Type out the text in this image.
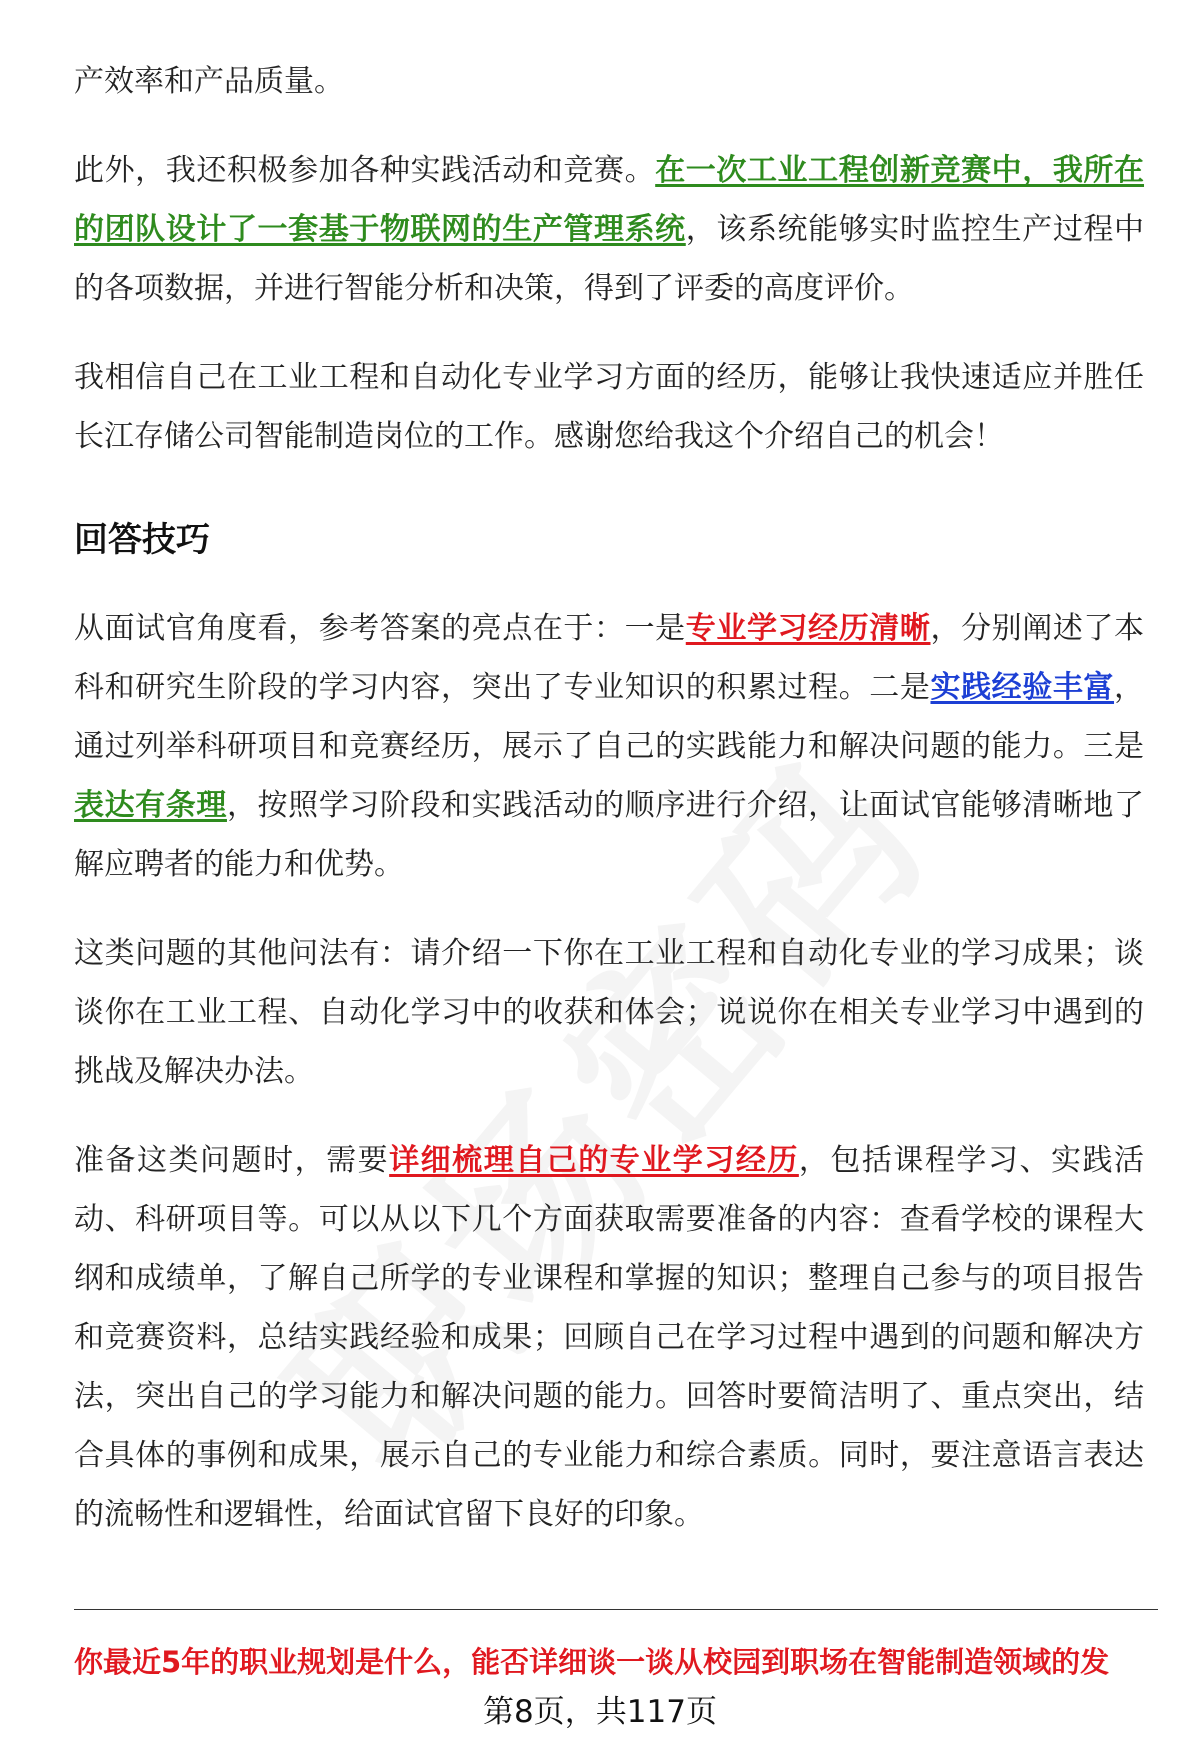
产效率和产品质量。

此外，我还积极参加各种实践活动和竞赛。在一次工业工程创新竞赛中，我所在的团队设计了一套基于物联网的生产管理系统，该系统能够实时监控生产过程中的各项数据，并进行智能分析和决策，得到了评委的高度评价。

我相信自己在工业工程和自动化专业学习方面的经历，能够让我快速适应并胜任长江存储公司智能制造岗位的工作。感谢您给我这个介绍自己的机会！

回答技巧

从面试官角度看，参考答案的亮点在于：一是专业学习经历清晰，分别阐述了本科和研究生阶段的学习内容，突出了专业知识的积累过程。二是实践经验丰富，通过列举科研项目和竞赛经历，展示了自己的实践能力和解决问题的能力。三是表达有条理，按照学习阶段和实践活动的顺序进行介绍，让面试官能够清晰地了解应聘者的能力和优势。

这类问题的其他问法有：请介绍一下你在工业工程和自动化专业的学习成果；谈谈你在工业工程、自动化学习中的收获和体会；说说你在相关专业学习中遇到的挑战及解决办法。

准备这类问题时，需要详细梳理自己的专业学习经历，包括课程学习、实践活动、科研项目等。可以从以下几个方面获取需要准备的内容：查看学校的课程大纲和成绩单，了解自己所学的专业课程和掌握的知识；整理自己参与的项目报告和竞赛资料，总结实践经验和成果；回顾自己在学习过程中遇到的问题和解决方法，突出自己的学习能力和解决问题的能力。回答时要简洁明了、重点突出，结合具体的事例和成果，展示自己的专业能力和综合素质。同时，要注意语言表达的流畅性和逻辑性，给面试官留下良好的印象。

你最近5年的职业规划是什么，能否详细谈一谈从校园到职场在智能制造领域的发
第8页，共117页
